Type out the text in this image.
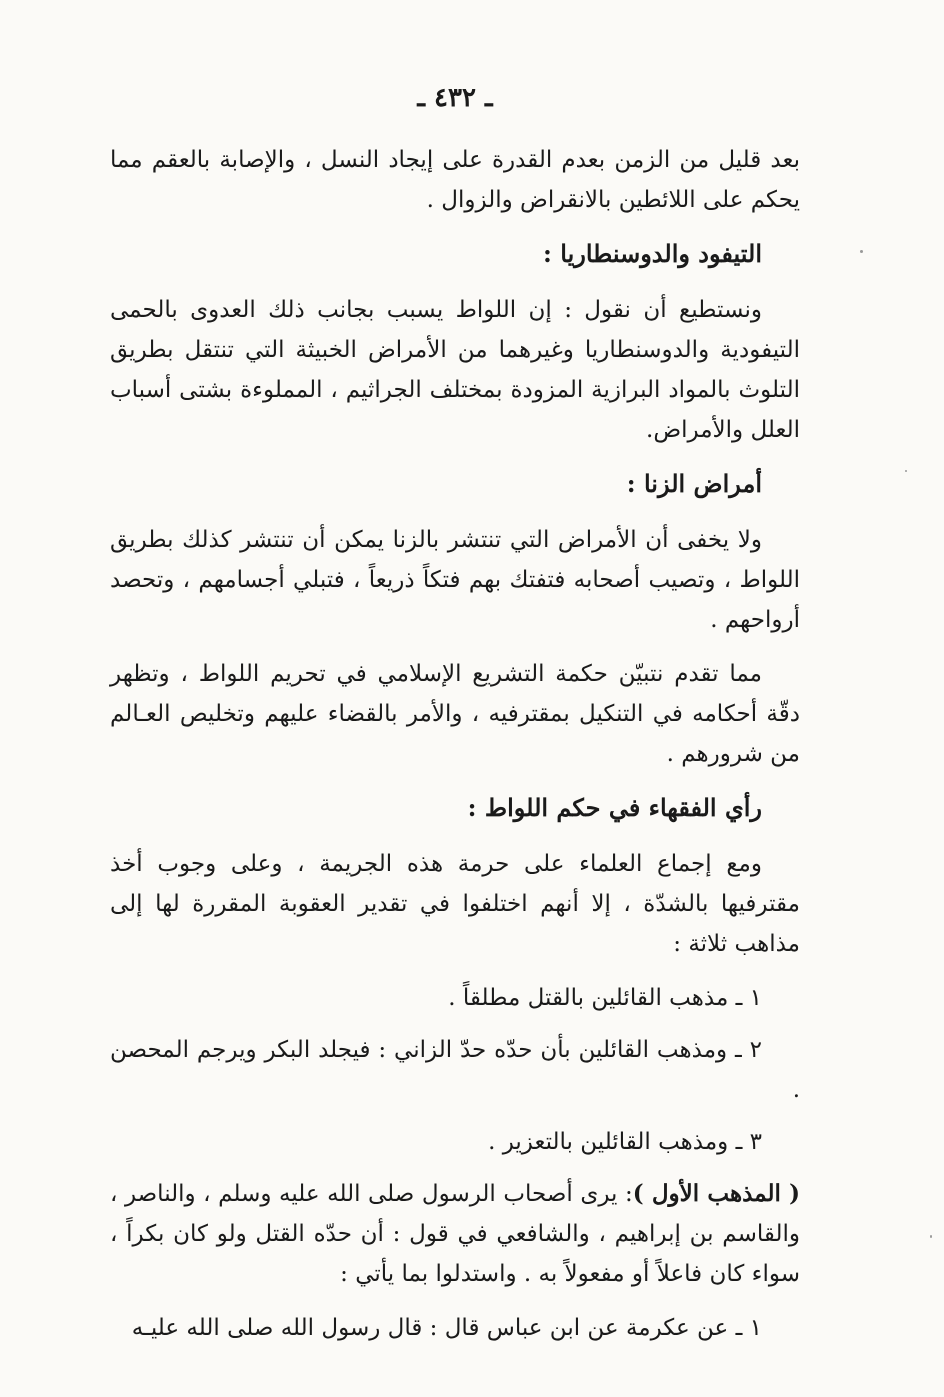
ـ ٤٣٢ ـ

بعد قليل من الزمن بعدم القدرة على إيجاد النسل ، والإصابة بالعقم مما يحكم على اللائطين بالانقراض والزوال .

التيفود والدوسنطاريا :

ونستطيع أن نقول : إن اللواط يسبب بجانب ذلك العدوى بالحمى التيفودية والدوسنطاريا وغيرهما من الأمراض الخبيثة التي تنتقل بطريق التلوث بالمواد البرازية المزودة بمختلف الجراثيم ، المملوءة بشتى أسباب العلل والأمراض.

أمراض الزنا :

ولا يخفى أن الأمراض التي تنتشر بالزنا يمكن أن تنتشر كذلك بطريق اللواط ، وتصيب أصحابه فتفتك بهم فتكاً ذريعاً ، فتبلي أجسامهم ، وتحصد أرواحهم .

مما تقدم نتبيّن حكمة التشريع الإسلامي في تحريم اللواط ، وتظهر دقّة أحكامه في التنكيل بمقترفيه ، والأمر بالقضاء عليهم وتخليص العـالم من شرورهم .

رأي الفقهاء في حكم اللواط :

ومع إجماع العلماء على حرمة هذه الجريمة ، وعلى وجوب أخذ مقترفيها بالشدّة ، إلا أنهم اختلفوا في تقدير العقوبة المقررة لها إلى مذاهب ثلاثة :

١ ـ مذهب القائلين بالقتل مطلقاً .
٢ ـ ومذهب القائلين بأن حدّه حدّ الزاني : فيجلد البكر ويرجم المحصن .
٣ ـ ومذهب القائلين بالتعزير .

( المذهب الأول ): يرى أصحاب الرسول صلى الله عليه وسلم ، والناصر ، والقاسم بن إبراهيم ، والشافعي في قول : أن حدّه القتل ولو كان بكراً ، سواء كان فاعلاً أو مفعولاً به . واستدلوا بما يأتي :

١ ـ عن عكرمة عن ابن عباس قال : قال رسول الله صلى الله عليـه
